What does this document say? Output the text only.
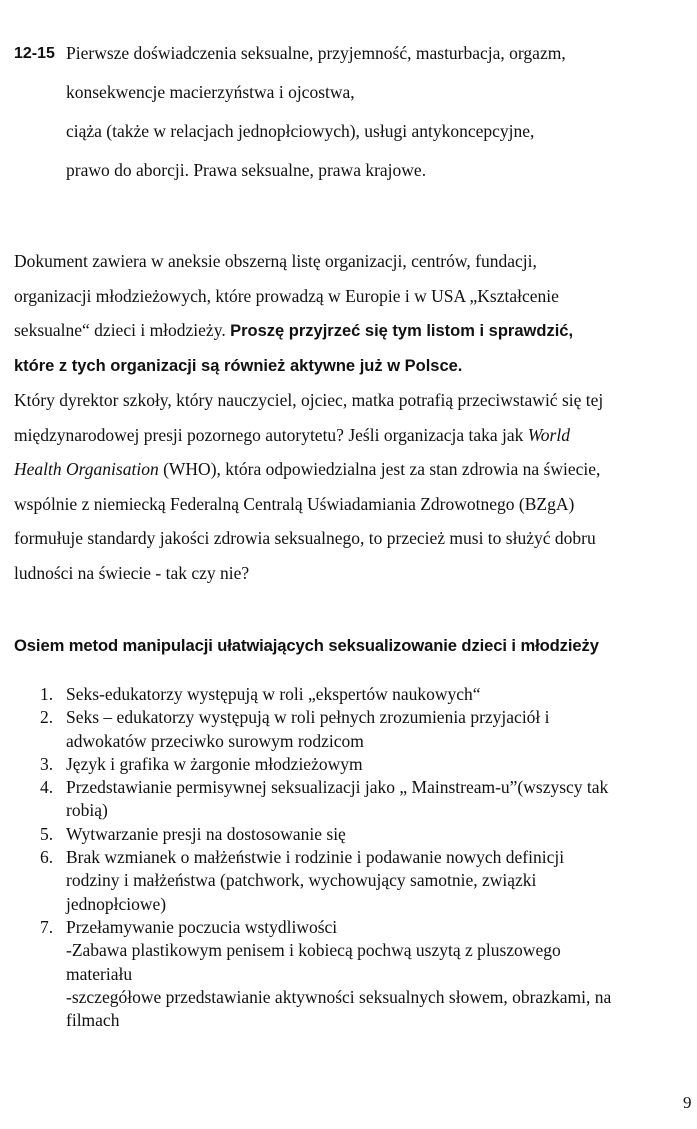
12-15 Pierwsze doświadczenia seksualne, przyjemność, masturbacja, orgazm,
konsekwencje macierzyństwa i ojcostwa,
ciąża (także w relacjach jednopłciowych), usługi antykoncepcyjne,
prawo do aborcji. Prawa seksualne, prawa krajowe.
Dokument zawiera w aneksie obszerną listę organizacji, centrów, fundacji,
organizacji młodzieżowych, które prowadzą w Europie i w USA „Kształcenie
seksualne“ dzieci i młodzieży. Proszę przyjrzeć się tym listom i sprawdzić,
które z tych organizacji są również aktywne już w Polsce.
Który dyrektor szkoły, który nauczyciel, ojciec, matka potrafią przeciwstawić się tej
międzynarodowej presji pozornego autorytetu? Jeśli organizacja taka jak World
Health Organisation (WHO), która odpowiedzialna jest za stan zdrowia na świecie,
wspólnie z niemiecką Federalną Centralą Uświadamiania Zdrowotnego (BZgA)
formułuje standardy jakości zdrowia seksualnego, to przecież musi to służyć dobru
ludności na świecie - tak czy nie?
Osiem metod manipulacji ułatwiających seksualizowanie dzieci i młodzieży
1. Seks-edukatorzy występują w roli „ekspertów naukowych“
2. Seks – edukatorzy występują w roli pełnych zrozumienia przyjaciół i
adwokatów przeciwko surowym rodzicom
3. Język i grafika w żargonie młodzieżowym
4. Przedstawianie permisywnej seksualizacji jako „ Mainstream-u”(wszyscy tak
robią)
5. Wytwarzanie presji na dostosowanie się
6. Brak wzmianek o małżeństwie i rodzinie i podawanie nowych definicji
rodziny i małżeństwa (patchwork, wychowujący samotnie, związki
jednopłciowe)
7. Przełamywanie poczucia wstydliwości
-Zabawa plastikowym penisem i kobiecą pochwą uszytą z pluszowego
materiału
-szczegółowe przedstawianie aktywności seksualnych słowem, obrazkami, na
filmach
9
